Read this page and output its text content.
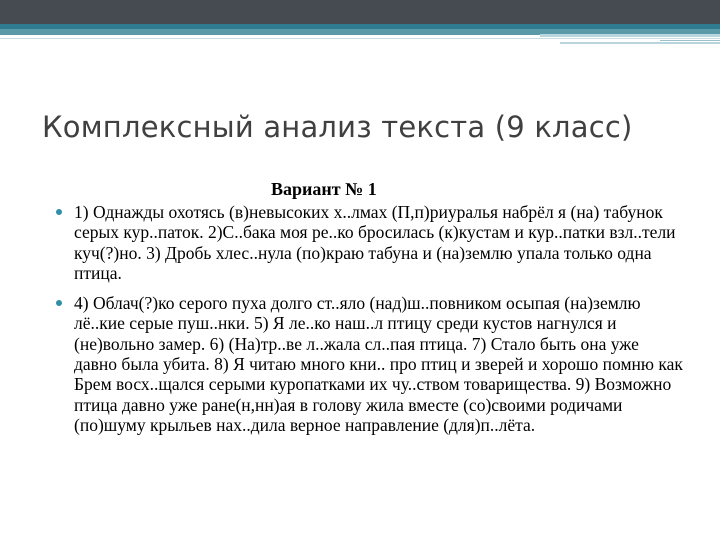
Комплексный анализ текста (9 класс)
Вариант № 1
1) Однажды охотясь (в)невысоких х..лмах (П,п)риуралья набрёл я (на) табунок серых кур..паток. 2)С..бака моя ре..ко бросилась (к)кустам и кур..патки взл..тели куч(?)но. 3) Дробь хлес..нула (по)краю табуна и (на)землю упала только одна птица.
4) Облач(?)ко серого пуха долго ст..яло (над)ш..повником осыпая (на)землю лё..кие серые пуш..нки. 5) Я ле..ко наш..л птицу среди кустов нагнулся и (не)вольно замер. 6) (На)тр..ве л..жала сл..пая птица. 7) Стало быть она уже давно была убита. 8) Я читаю много кни.. про птиц и зверей и хорошо помню как Брем восх..щался серыми куропатками их чу..ством товарищества. 9) Возможно птица давно уже ране(н,нн)ая в голову жила вместе (со)своими родичами (по)шуму крыльев нах..дила верное направление (для)п..лёта.
